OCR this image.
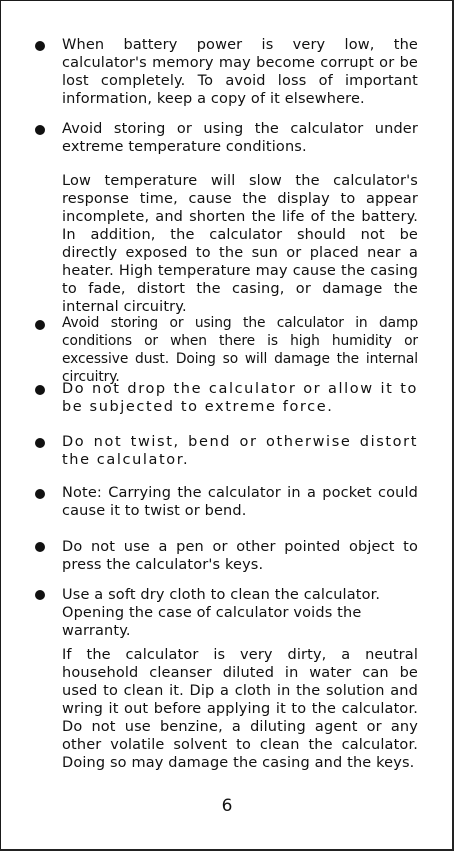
When battery power is very low, the calculator's memory may become corrupt or be lost completely. To avoid loss of important information, keep a copy of it elsewhere.
Avoid storing or using the calculator under extreme temperature conditions.
Low temperature will slow the calculator's response time, cause the display to appear incomplete, and shorten the life of the battery. In addition, the calculator should not be directly exposed to the sun or placed near a heater. High temperature may cause the casing to fade, distort the casing, or damage the internal circuitry.
Avoid storing or using the calculator in damp conditions or when there is high humidity or excessive dust. Doing so will damage the internal circuitry.
Do not drop the calculator or allow it to be subjected to extreme force.
Do not twist, bend or otherwise distort the calculator.
Note: Carrying the calculator in a pocket could cause it to twist or bend.
Do not use a pen or other pointed object to press the calculator's keys.
Use a soft dry cloth to clean the calculator. Opening the case of calculator voids the warranty.
If the calculator is very dirty, a neutral household cleanser diluted in water can be used to clean it. Dip a cloth in the solution and wring it out before applying it to the calculator. Do not use benzine, a diluting agent or any other volatile solvent to clean the calculator. Doing so may damage the casing and the keys.
6
